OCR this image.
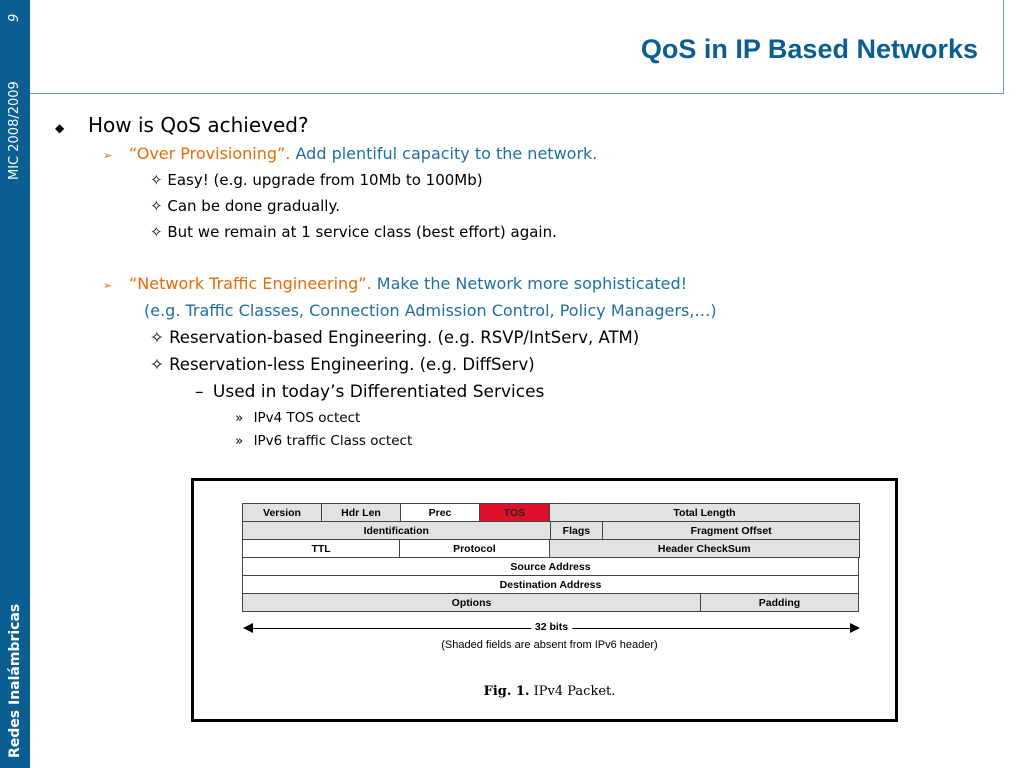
9
MIC 2008/2009
Redes Inalámbricas
QoS in IP Based Networks
◆ How is QoS achieved?
➢ “Over Provisioning”. Add plentiful capacity to the network.
✧ Easy! (e.g. upgrade from 10Mb to 100Mb)
✧ Can be done gradually.
✧ But we remain at 1 service class (best effort) again.
➢ “Network Traffic Engineering”. Make the Network more sophisticated!
(e.g. Traffic Classes, Connection Admission Control, Policy Managers,…)
✧ Reservation-based Engineering. (e.g. RSVP/IntServ, ATM)
✧ Reservation-less Engineering. (e.g. DiffServ)
– Used in today’s Differentiated Services
» IPv4 TOS octect
» IPv6 traffic Class octect
Version	Hdr Len	Prec	TOS	Total Length
Identification	Flags	Fragment Offset
TTL	Protocol	Header CheckSum
Source Address
Destination Address
Options	Padding
32 bits
(Shaded fields are absent from IPv6 header)
Fig. 1. IPv4 Packet.
